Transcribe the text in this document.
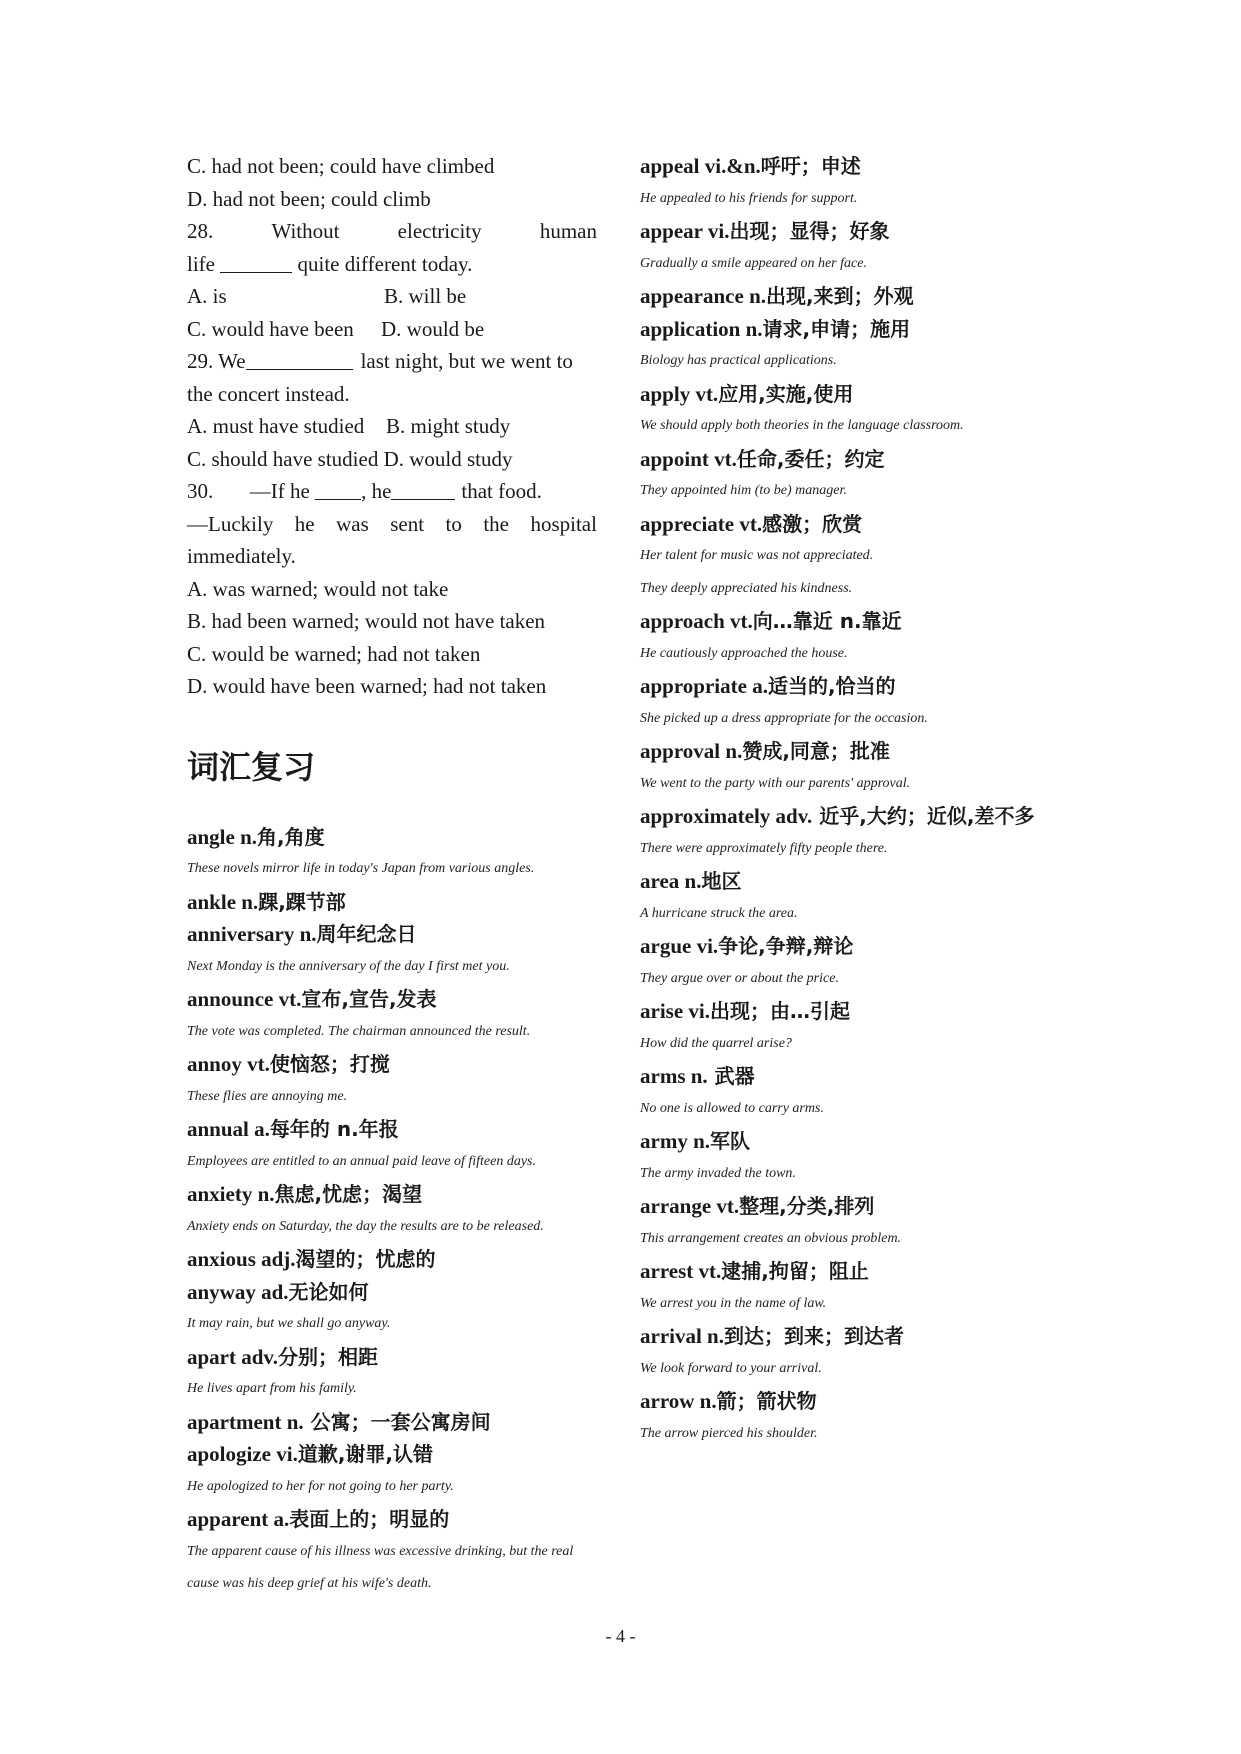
C. had not been; could have climbed
D. had not been; could climb
28.	Without	electricity	human
life	quite different today.
A. is	B. will be
C. would have been	D. would be
29. We	last night, but we went to
the concert instead.
A. must have studied	B. might study
C. should have studied D. would study
30. —If he , he	that food.
—Luckily he was sent to the hospital
immediately.
A. was warned; would not take
B. had been warned; would not have taken
C. would be warned; had not taken
D. would have been warned; had not taken
词汇复习
angle n.角,角度
These novels mirror life in today's Japan from various angles.
ankle n.踝,踝节部
anniversary n.周年纪念日
Next Monday is the anniversary of the day I first met you.
announce vt.宣布,宣告,发表
The vote was completed. The chairman announced the result.
annoy vt.使恼怒；打搅
These flies are annoying me.
annual a.每年的 n.年报
Employees are entitled to an annual paid leave of fifteen days.
anxiety n.焦虑,忧虑；渴望
Anxiety ends on Saturday, the day the results are to be released.
anxious adj.渴望的；忧虑的
anyway ad.无论如何
It may rain, but we shall go anyway.
apart adv.分别；相距
He lives apart from his family.
apartment n. 公寓；一套公寓房间
apologize vi.道歉,谢罪,认错
He apologized to her for not going to her party.
apparent a.表面上的；明显的
The apparent cause of his illness was excessive drinking, but the real cause was his deep grief at his wife's death.
appeal vi.&n.呼吁；申述
He appealed to his friends for support.
appear vi.出现；显得；好象
Gradually a smile appeared on her face.
appearance n.出现,来到；外观
application n.请求,申请；施用
Biology has practical applications.
apply vt.应用,实施,使用
We should apply both theories in the language classroom.
appoint vt.任命,委任；约定
They appointed him (to be) manager.
appreciate vt.感激；欣赏
Her talent for music was not appreciated.
They deeply appreciated his kindness.
approach vt.向…靠近 n.靠近
He cautiously approached the house.
appropriate a.适当的,恰当的
She picked up a dress appropriate for the occasion.
approval n.赞成,同意；批准
We went to the party with our parents' approval.
approximately adv. 近乎,大约；近似,差不多
There were approximately fifty people there.
area n.地区
A hurricane struck the area.
argue vi.争论,争辩,辩论
They argue over or about the price.
arise vi.出现；由…引起
How did the quarrel arise?
arms n. 武器
No one is allowed to carry arms.
army n.军队
The army invaded the town.
arrange vt.整理,分类,排列
This arrangement creates an obvious problem.
arrest vt.逮捕,拘留；阻止
We arrest you in the name of law.
arrival n.到达；到来；到达者
We look forward to your arrival.
arrow n.箭；箭状物
The arrow pierced his shoulder.
- 4 -
